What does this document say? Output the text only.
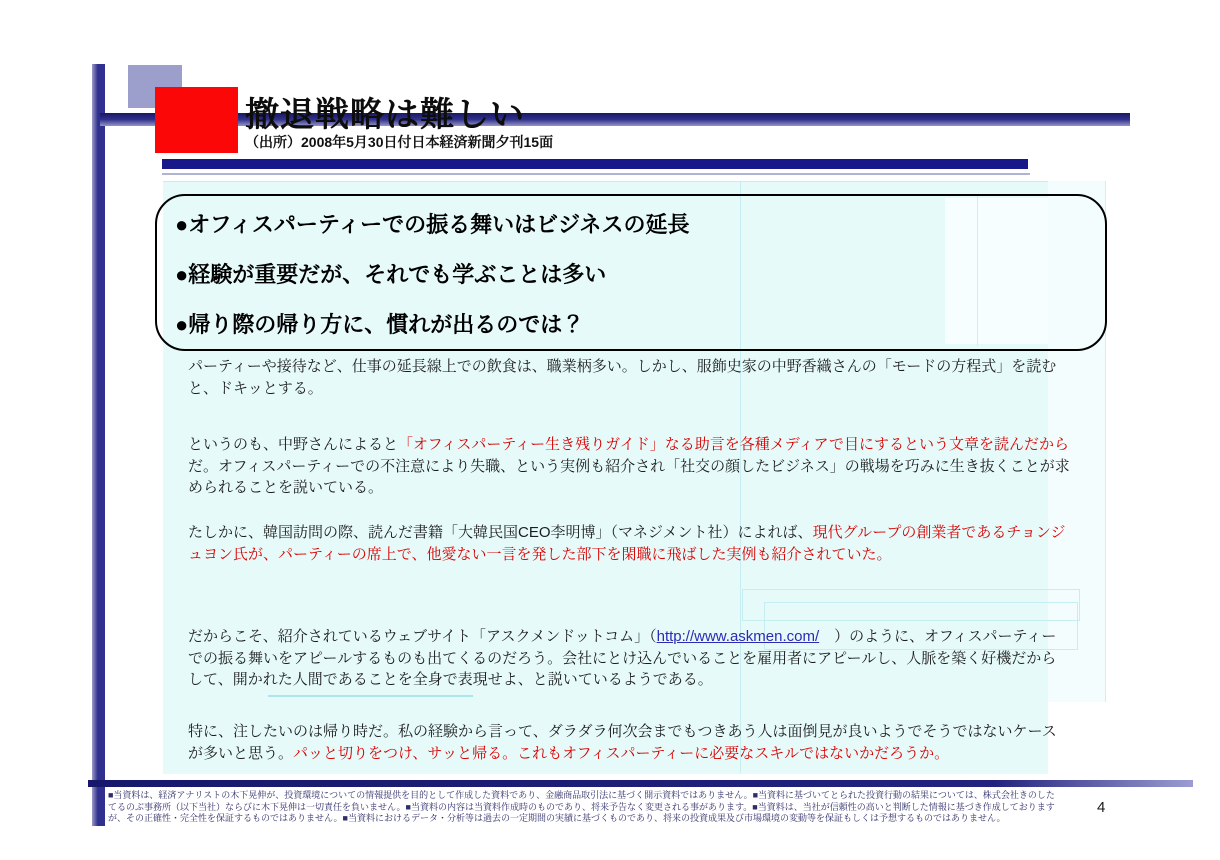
撤退戦略は難しい
（出所）2008年5月30日付日本経済新聞夕刊15面
●オフィスパーティーでの振る舞いはビジネスの延長
●経験が重要だが、それでも学ぶことは多い
●帰り際の帰り方に、慣れが出るのでは？

パーティーや接待など、仕事の延長線上での飲食は、職業柄多い。しかし、服飾史家の中野香織さんの「モードの方程式」を読むと、ドキッとする。

というのも、中野さんによると「オフィスパーティー生き残りガイド」なる助言を各種メディアで目にするという文章を読んだからだ。オフィスパーティーでの不注意により失職、という実例も紹介され「社交の顔したビジネス」の戦場を巧みに生き抜くことが求められることを説いている。

たしかに、韓国訪問の際、読んだ書籍「大韓民国CEO李明博」（マネジメント社）によれば、現代グループの創業者であるチョンジュヨン氏が、パーティーの席上で、他愛ない一言を発した部下を閑職に飛ばした実例も紹介されていた。

だからこそ、紹介されているウェブサイト「アスクメンドットコム」（http://www.askmen.com/　）のように、オフィスパーティーでの振る舞いをアピールするものも出てくるのだろう。会社にとけ込んでいることを雇用者にアピールし、人脈を築く好機だからして、開かれた人間であることを全身で表現せよ、と説いているようである。

特に、注したいのは帰り時だ。私の経験から言って、ダラダラ何次会までもつきあう人は面倒見が良いようでそうではないケースが多いと思う。パッと切りをつけ、サッと帰る。これもオフィスパーティーに必要なスキルではないかだろうか。

■当資料は、経済アナリストの木下晃伸が、投資環境についての情報提供を目的として作成した資料であり、金融商品取引法に基づく開示資料ではありません。■当資料に基づいてとられた投資行動の結果については、株式会社きのした
てるのぶ事務所（以下当社）ならびに木下晃伸は一切責任を負いません。■当資料の内容は当資料作成時のものであり、将来予告なく変更される事があります。■当資料は、当社が信頼性の高いと判断した情報に基づき作成しております
が、その正確性・完全性を保証するものではありません。■当資料におけるデータ・分析等は過去の一定期間の実績に基づくものであり、将来の投資成果及び市場環境の変動等を保証もしくは予想するものではありません。
4
